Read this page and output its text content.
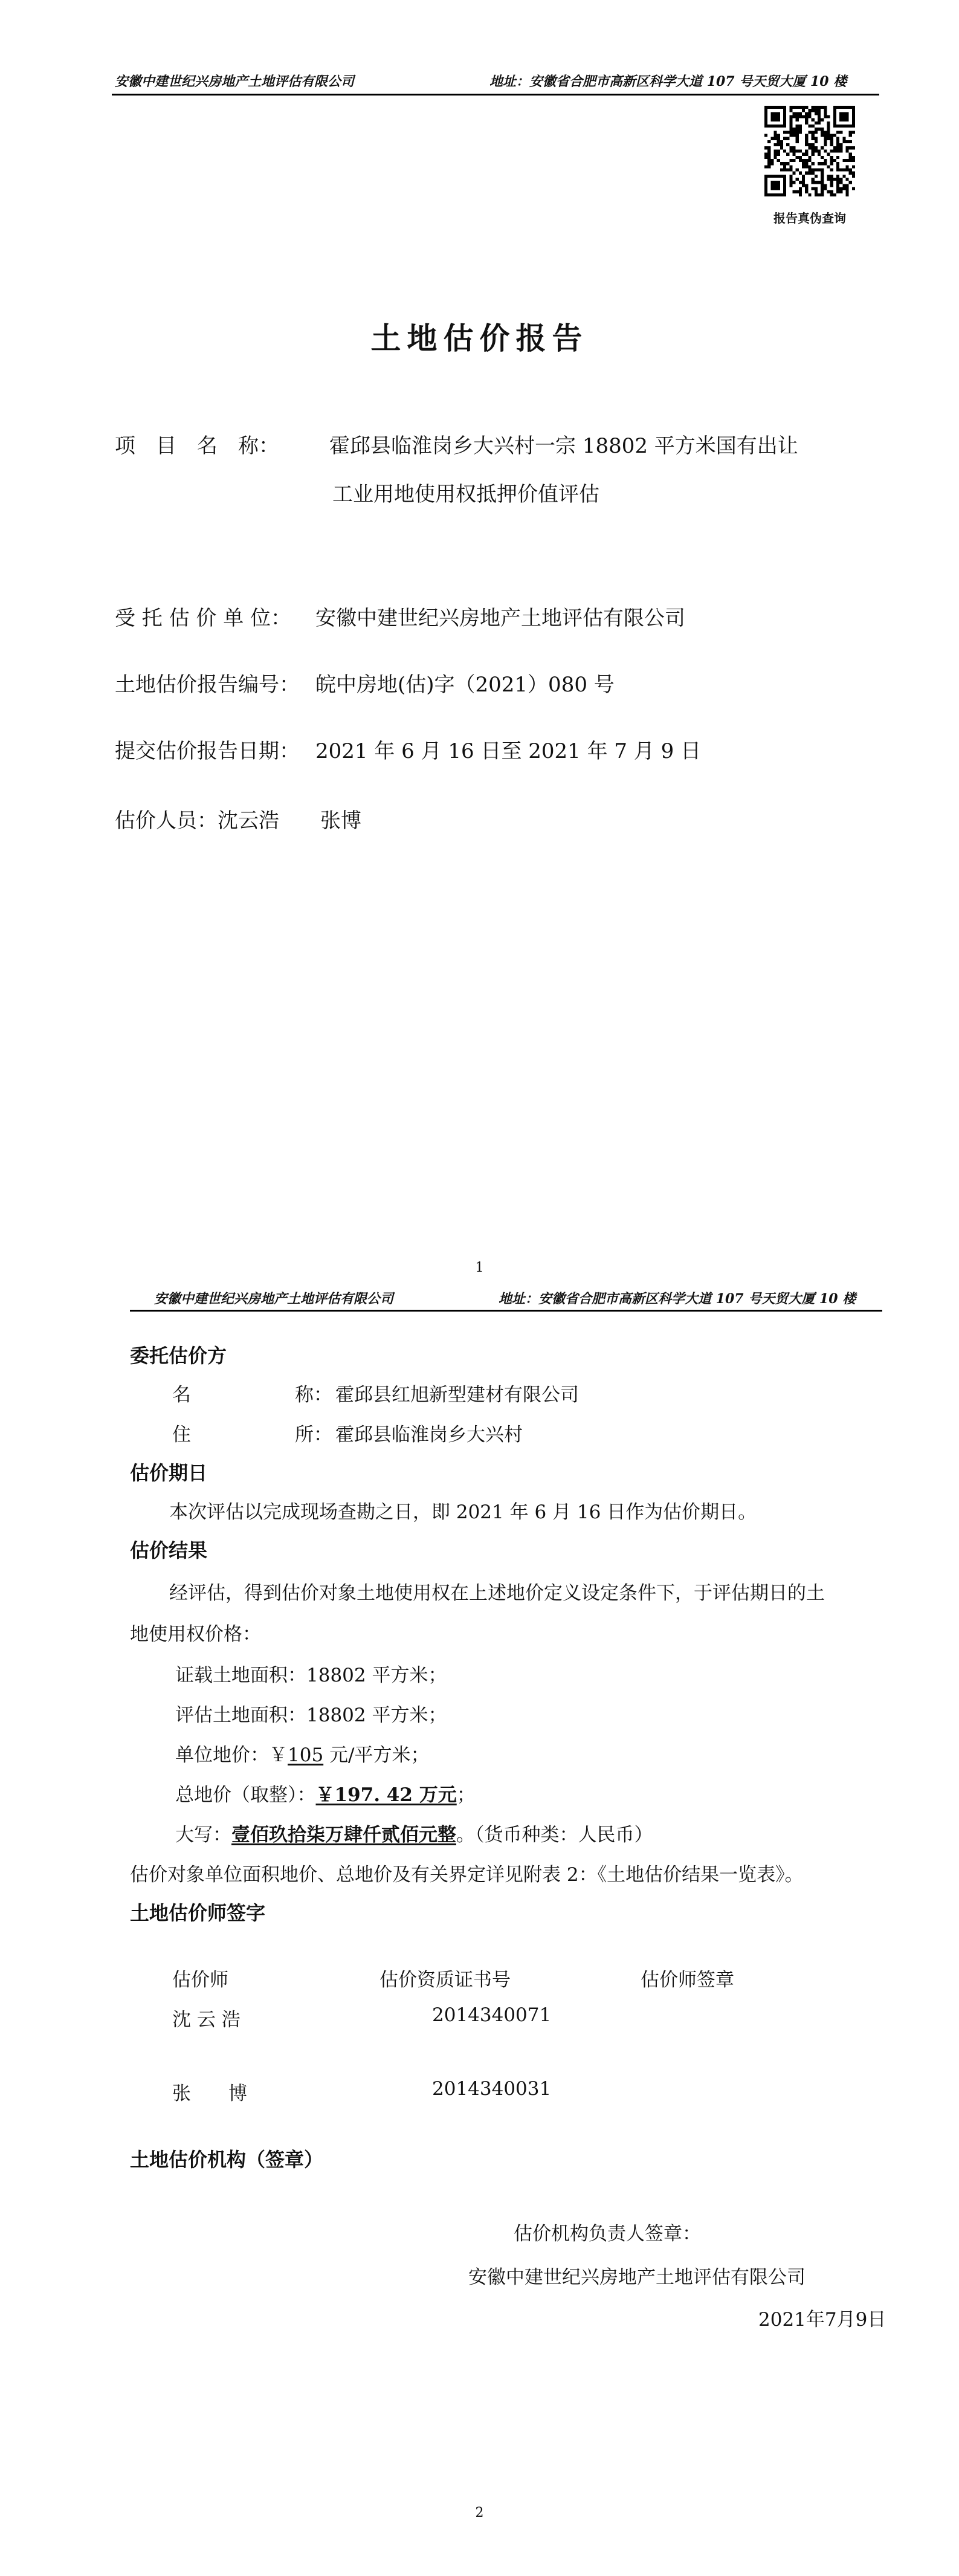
安徽中建世纪兴房地产土地评估有限公司	地址：安徽省合肥市高新区科学大道 107 号天贸大厦 10 楼
报告真伪查询
土地估价报告
项　目　名　称： 霍邱县临淮岗乡大兴村一宗 18802 平方米国有出让
工业用地使用权抵押价值评估
受 托 估 价 单 位： 安徽中建世纪兴房地产土地评估有限公司
土地估价报告编号： 皖中房地(估)字（2021）080 号
提交估价报告日期： 2021 年 6 月 16 日至 2021 年 7 月 9 日
估价人员： 沈云浩　　张博
1
安徽中建世纪兴房地产土地评估有限公司	地址：安徽省合肥市高新区科学大道 107 号天贸大厦 10 楼
委托估价方
名	称： 霍邱县红旭新型建材有限公司
住	所： 霍邱县临淮岗乡大兴村
估价期日
本次评估以完成现场查勘之日，即 2021 年 6 月 16 日作为估价期日。
估价结果
经评估，得到估价对象土地使用权在上述地价定义设定条件下，于评估期日的土
地使用权价格：
证载土地面积：18802 平方米；
评估土地面积：18802 平方米；
单位地价：￥105 元/平方米；
总地价（取整）：￥197. 42 万元；
大写：壹佰玖拾柒万肆仟贰佰元整。（货币种类：人民币）
估价对象单位面积地价、总地价及有关界定详见附表 2：《土地估价结果一览表》。
土地估价师签字
估价师	估价资质证书号	估价师签章
沈 云 浩	2014340071
张　　博	2014340031
土地估价机构（签章）
估价机构负责人签章：
安徽中建世纪兴房地产土地评估有限公司
2021年7月9日
2
